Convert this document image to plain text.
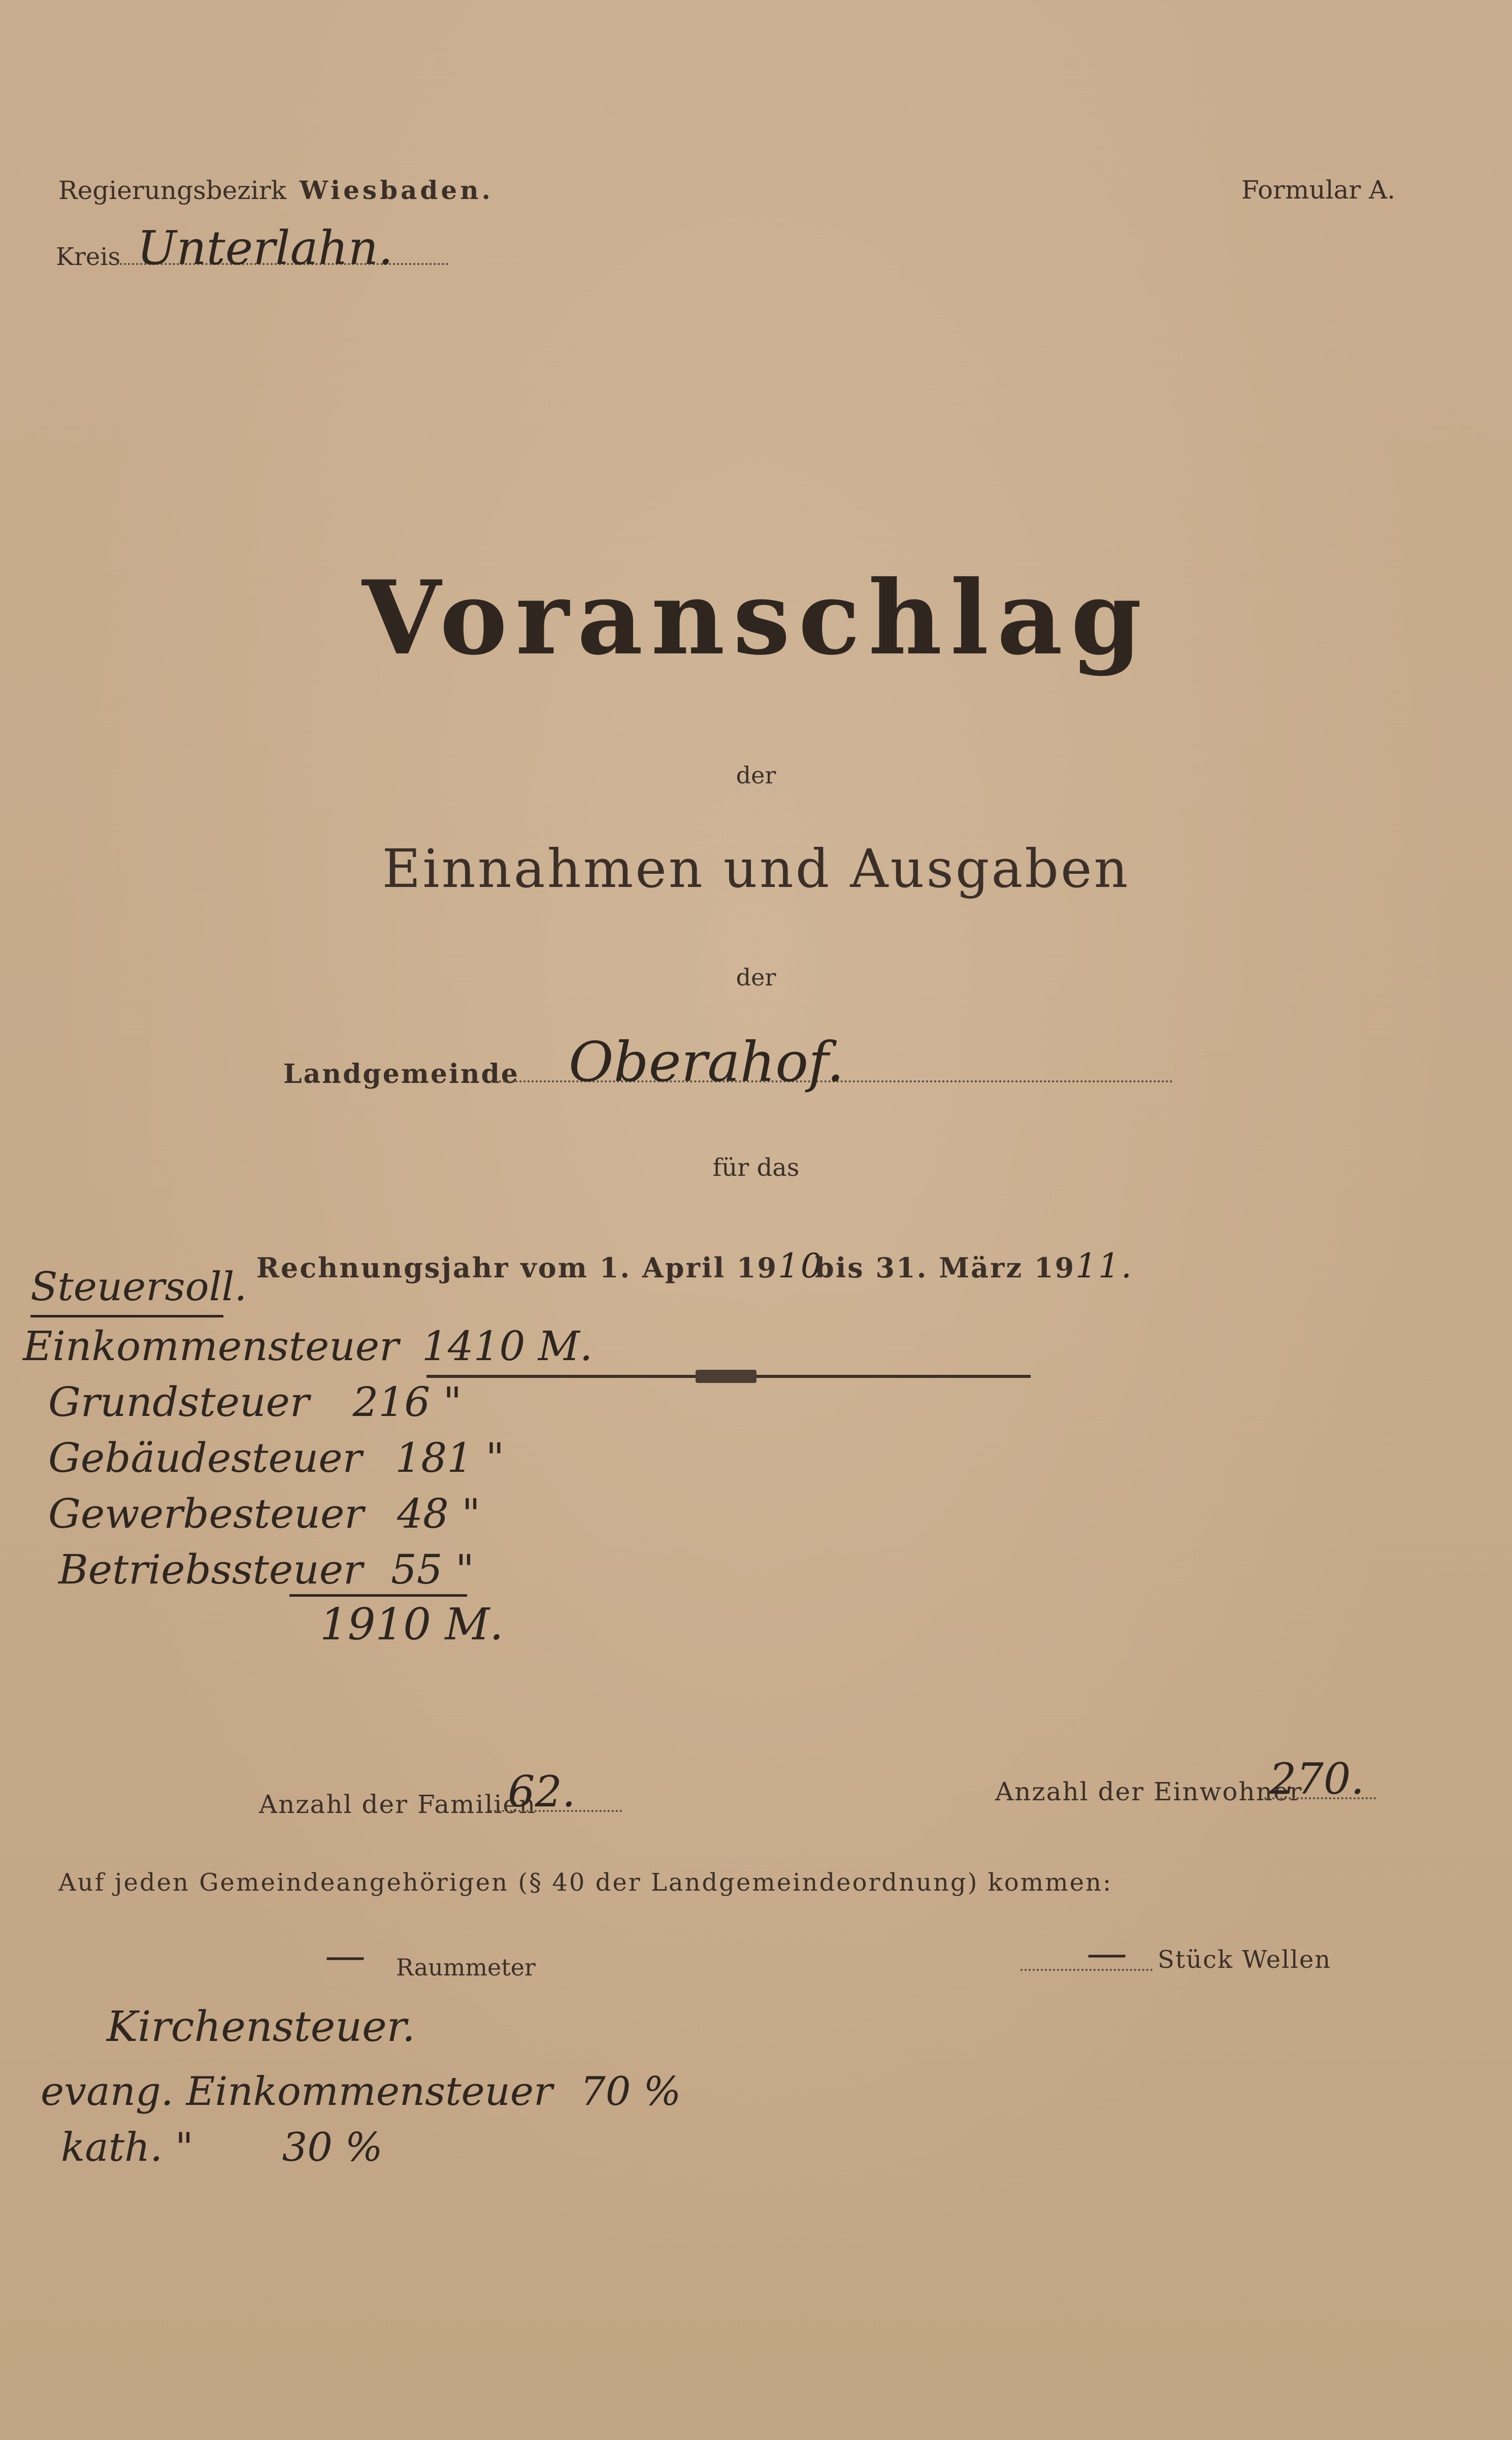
Regierungsbezirk Wiesbaden.	Formular A.
Kreis Unterlahn.
Voranschlag
der
Einnahmen und Ausgaben
der
Landgemeinde Oberahof.
für das
Rechnungsjahr vom 1. April 1910
bis 31. März 1911.
Steuersoll.
Einkommensteuer 1410 M.
Grundsteuer 216 "
Gebäudesteuer 181 "
Gewerbesteuer 48 "
Betriebssteuer 55 "
1910 M.
Anzahl der Familien
62.	Anzahl der Einwohner
270.
Auf jeden Gemeindeangehörigen (§ 40 der Landgemeindeordnung) kommen:
— Raummeter	— Stück Wellen
Kirchensteuer.
evang. Einkommensteuer 70 %
kath. " 30 %
